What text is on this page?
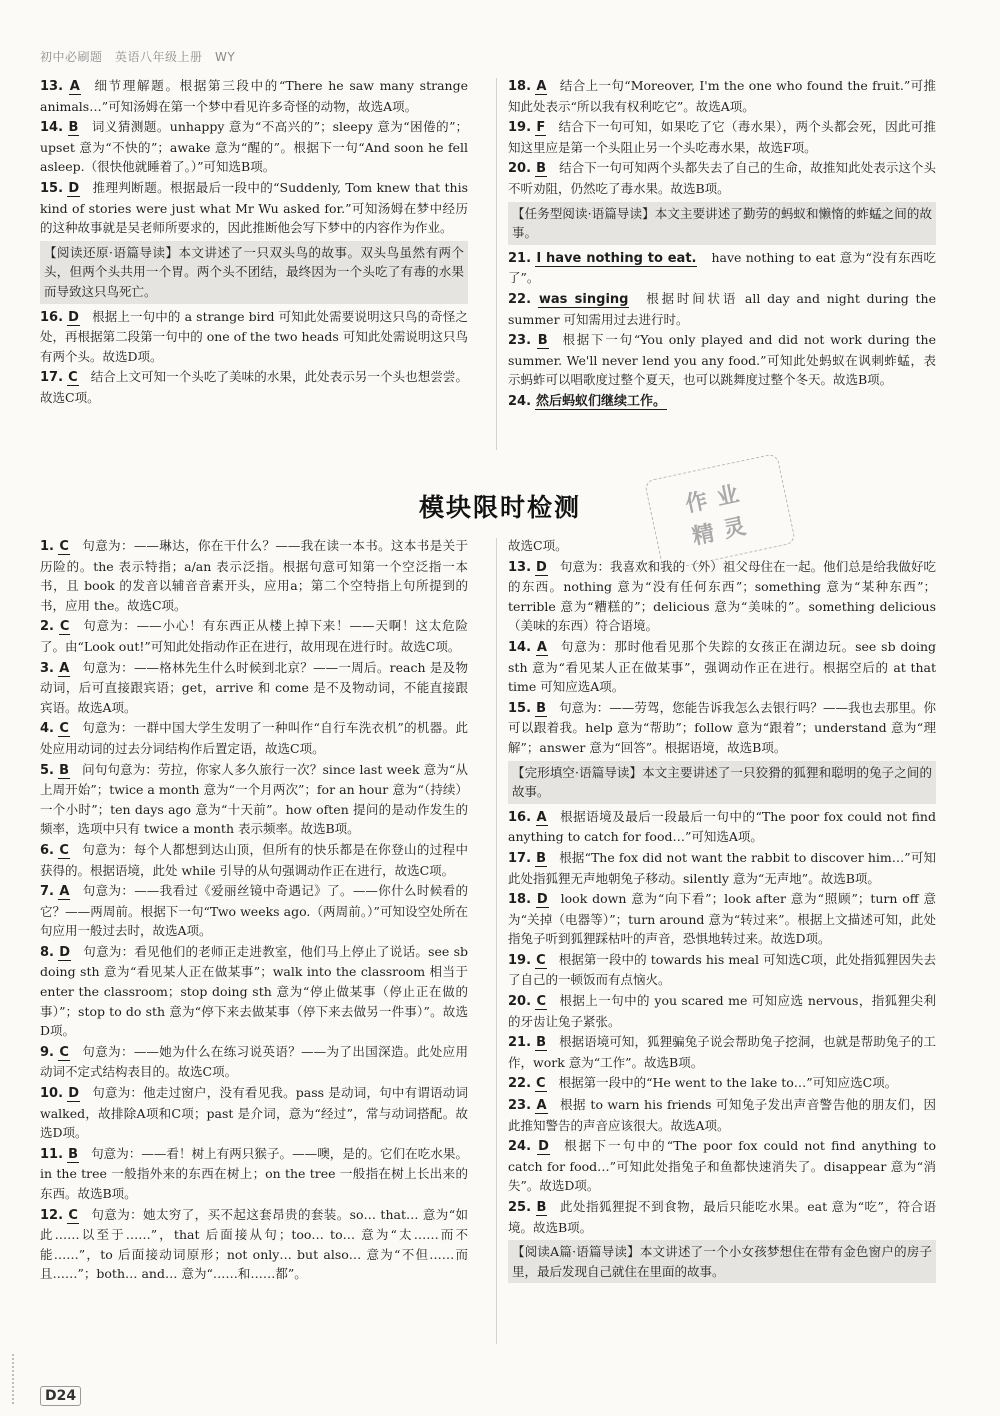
初中必刷题　英语八年级上册　WY
13. A 细节理解题。根据第三段中的“There he saw many strange animals…”可知汤姆在第一个梦中看见许多奇怪的动物，故选A项。
14. B 词义猜测题。unhappy 意为“不高兴的”；sleepy 意为“困倦的”；upset 意为“不快的”；awake 意为“醒的”。根据下一句“And soon he fell asleep.（很快他就睡着了。）”可知选B项。
15. D 推理判断题。根据最后一段中的“Suddenly, Tom knew that this kind of stories were just what Mr Wu asked for.”可知汤姆在梦中经历的这种故事就是吴老师所要求的，因此推断他会写下梦中的内容作为作业。
【阅读还原·语篇导读】本文讲述了一只双头鸟的故事。双头鸟虽然有两个头，但两个头共用一个胃。两个头不团结，最终因为一个头吃了有毒的水果而导致这只鸟死亡。
16. D 根据上一句中的 a strange bird 可知此处需要说明这只鸟的奇怪之处，再根据第二段第一句中的 one of the two heads 可知此处需说明这只鸟有两个头。故选D项。
17. C 结合上文可知一个头吃了美味的水果，此处表示另一个头也想尝尝。故选C项。
18. A 结合上一句“Moreover, I'm the one who found the fruit.”可推知此处表示“所以我有权利吃它”。故选A项。
19. F 结合下一句可知，如果吃了它（毒水果），两个头都会死，因此可推知这里应是第一个头阻止另一个头吃毒水果，故选F项。
20. B 结合下一句可知两个头都失去了自己的生命，故推知此处表示这个头不听劝阻，仍然吃了毒水果。故选B项。
【任务型阅读·语篇导读】本文主要讲述了勤劳的蚂蚁和懒惰的蚱蜢之间的故事。
21. I have nothing to eat. have nothing to eat 意为“没有东西吃了”。
22. was singing 根据时间状语 all day and night during the summer 可知需用过去进行时。
23. B 根据下一句“You only played and did not work during the summer. We'll never lend you any food.”可知此处蚂蚁在讽刺蚱蜢，表示蚂蚱可以唱歌度过整个夏天，也可以跳舞度过整个冬天。故选B项。
24. 然后蚂蚁们继续工作。
模块限时检测	作业
精灵
1. C 句意为：——琳达，你在干什么？——我在读一本书。这本书是关于历险的。the 表示特指；a/an 表示泛指。根据句意可知第一个空泛指一本书，且 book 的发音以辅音音素开头，应用a；第二个空特指上句所提到的书，应用 the。故选C项。
2. C 句意为：——小心！有东西正从楼上掉下来！——天啊！这太危险了。由“Look out!”可知此处指动作正在进行，故用现在进行时。故选C项。
3. A 句意为：——格林先生什么时候到北京？——一周后。reach 是及物动词，后可直接跟宾语；get，arrive 和 come 是不及物动词，不能直接跟宾语。故选A项。
4. C 句意为：一群中国大学生发明了一种叫作“自行车洗衣机”的机器。此处应用动词的过去分词结构作后置定语，故选C项。
5. B 问句句意为：劳拉，你家人多久旅行一次？since last week 意为“从上周开始”；twice a month 意为“一个月两次”；for an hour 意为“（持续）一个小时”；ten days ago 意为“十天前”。how often 提问的是动作发生的频率，选项中只有 twice a month 表示频率。故选B项。
6. C 句意为：每个人都想到达山顶，但所有的快乐都是在你登山的过程中获得的。根据语境，此处 while 引导的从句强调动作正在进行，故选C项。
7. A 句意为：——我看过《爱丽丝镜中奇遇记》了。——你什么时候看的它？——两周前。根据下一句“Two weeks ago.（两周前。）”可知设空处所在句应用一般过去时，故选A项。
8. D 句意为：看见他们的老师正走进教室，他们马上停止了说话。see sb doing sth 意为“看见某人正在做某事”；walk into the classroom 相当于 enter the classroom；stop doing sth 意为“停止做某事（停止正在做的事）”；stop to do sth 意为“停下来去做某事（停下来去做另一件事）”。故选D项。
9. C 句意为：——她为什么在练习说英语？——为了出国深造。此处应用动词不定式结构表目的。故选C项。
10. D 句意为：他走过窗户，没有看见我。pass 是动词，句中有谓语动词 walked，故排除A项和C项；past 是介词，意为“经过”，常与动词搭配。故选D项。
11. B 句意为：——看！树上有两只猴子。——噢，是的。它们在吃水果。in the tree 一般指外来的东西在树上；on the tree 一般指在树上长出来的东西。故选B项。
12. C 句意为：她太穷了，买不起这套昂贵的套装。so… that… 意为“如此……以至于……”，that 后面接从句；too… to… 意为“太……而不能……”，to 后面接动词原形；not only… but also… 意为“不但……而且……”；both… and… 意为“……和……都”。
故选C项。
13. D 句意为：我喜欢和我的（外）祖父母住在一起。他们总是给我做好吃的东西。nothing 意为“没有任何东西”；something 意为“某种东西”；terrible 意为“糟糕的”；delicious 意为“美味的”。something delicious（美味的东西）符合语境。
14. A 句意为：那时他看见那个失踪的女孩正在湖边玩。see sb doing sth 意为“看见某人正在做某事”，强调动作正在进行。根据空后的 at that time 可知应选A项。
15. B 句意为：——劳驾，您能告诉我怎么去银行吗？——我也去那里。你可以跟着我。help 意为“帮助”；follow 意为“跟着”；understand 意为“理解”；answer 意为“回答”。根据语境，故选B项。
【完形填空·语篇导读】本文主要讲述了一只狡猾的狐狸和聪明的兔子之间的故事。
16. A 根据语境及最后一段最后一句中的“The poor fox could not find anything to catch for food…”可知选A项。
17. B 根据“The fox did not want the rabbit to discover him…”可知此处指狐狸无声地朝兔子移动。silently 意为“无声地”。故选B项。
18. D look down 意为“向下看”；look after 意为“照顾”；turn off 意为“关掉（电器等）”；turn around 意为“转过来”。根据上文描述可知，此处指兔子听到狐狸踩枯叶的声音，恐惧地转过来。故选D项。
19. C 根据第一段中的 towards his meal 可知选C项，此处指狐狸因失去了自己的一顿饭而有点恼火。
20. C 根据上一句中的 you scared me 可知应选 nervous，指狐狸尖利的牙齿让兔子紧张。
21. B 根据语境可知，狐狸骗兔子说会帮助兔子挖洞，也就是帮助兔子的工作，work 意为“工作”。故选B项。
22. C 根据第一段中的“He went to the lake to…”可知应选C项。
23. A 根据 to warn his friends 可知兔子发出声音警告他的朋友们，因此推知警告的声音应该很大。故选A项。
24. D 根据下一句中的“The poor fox could not find anything to catch for food…”可知此处指兔子和鱼都快速消失了。disappear 意为“消失”。故选D项。
25. B 此处指狐狸捉不到食物，最后只能吃水果。eat 意为“吃”，符合语境。故选B项。
【阅读A篇·语篇导读】本文讲述了一个小女孩梦想住在带有金色窗户的房子里，最后发现自己就住在里面的故事。
D24
